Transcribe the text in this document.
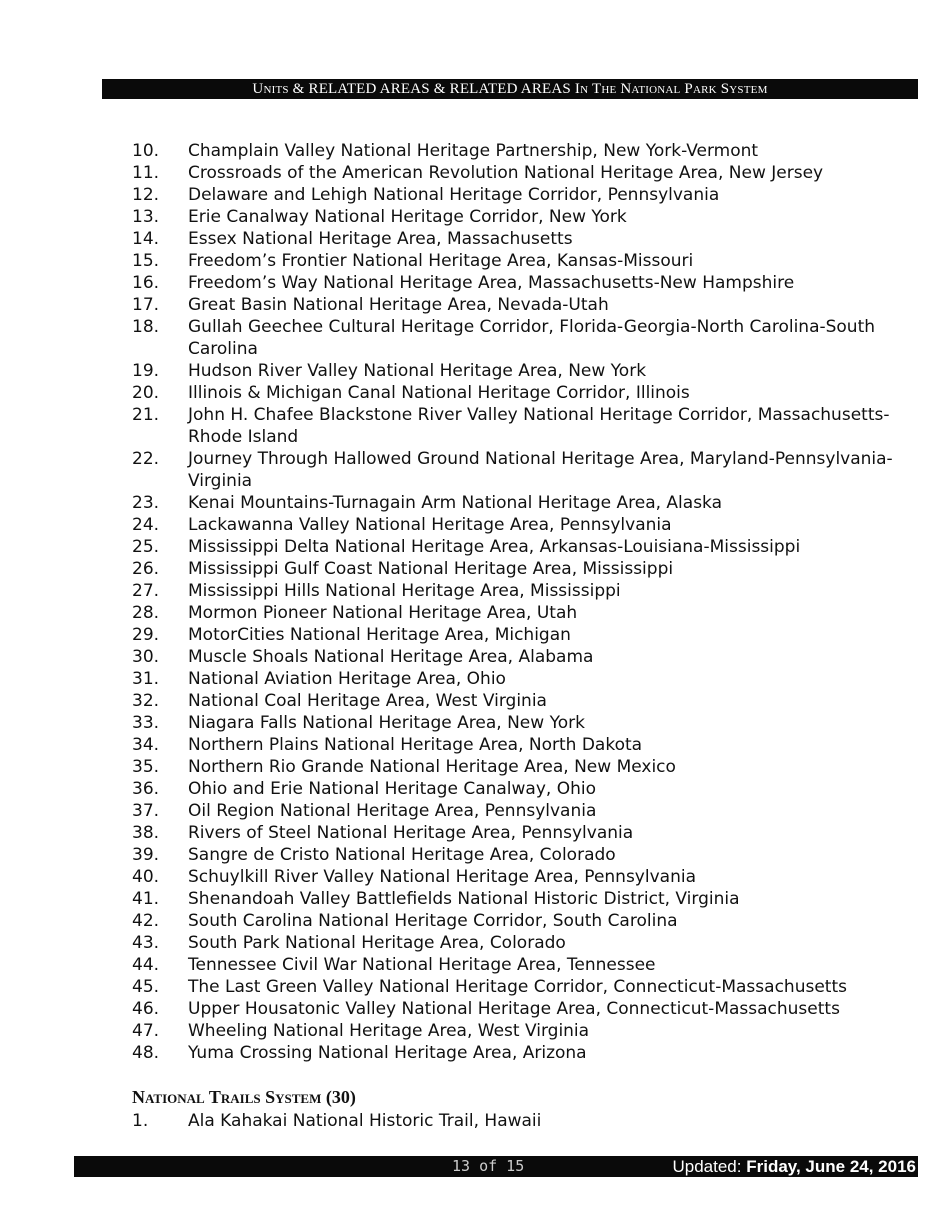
Units & RELATED AREAS & RELATED AREAS In The National Park System
10.	Champlain Valley National Heritage Partnership, New York-Vermont
11.	Crossroads of the American Revolution National Heritage Area, New Jersey
12.	Delaware and Lehigh National Heritage Corridor, Pennsylvania
13.	Erie Canalway National Heritage Corridor, New York
14.	Essex National Heritage Area, Massachusetts
15.	Freedom’s Frontier National Heritage Area, Kansas-Missouri
16.	Freedom’s Way National Heritage Area, Massachusetts-New Hampshire
17.	Great Basin National Heritage Area, Nevada-Utah
18.	Gullah Geechee Cultural Heritage Corridor, Florida-Georgia-North Carolina-South Carolina
19.	Hudson River Valley National Heritage Area, New York
20.	Illinois & Michigan Canal National Heritage Corridor, Illinois
21.	John H. Chafee Blackstone River Valley National Heritage Corridor, Massachusetts-Rhode Island
22.	Journey Through Hallowed Ground National Heritage Area, Maryland-Pennsylvania-Virginia
23.	Kenai Mountains-Turnagain Arm National Heritage Area, Alaska
24.	Lackawanna Valley National Heritage Area, Pennsylvania
25.	Mississippi Delta National Heritage Area, Arkansas-Louisiana-Mississippi
26.	Mississippi Gulf Coast National Heritage Area, Mississippi
27.	Mississippi Hills National Heritage Area, Mississippi
28.	Mormon Pioneer National Heritage Area, Utah
29.	MotorCities National Heritage Area, Michigan
30.	Muscle Shoals National Heritage Area, Alabama
31.	National Aviation Heritage Area, Ohio
32.	National Coal Heritage Area, West Virginia
33.	Niagara Falls National Heritage Area, New York
34.	Northern Plains National Heritage Area, North Dakota
35.	Northern Rio Grande National Heritage Area, New Mexico
36.	Ohio and Erie National Heritage Canalway, Ohio
37.	Oil Region National Heritage Area, Pennsylvania
38.	Rivers of Steel National Heritage Area, Pennsylvania
39.	Sangre de Cristo National Heritage Area, Colorado
40.	Schuylkill River Valley National Heritage Area, Pennsylvania
41.	Shenandoah Valley Battlefields National Historic District, Virginia
42.	South Carolina National Heritage Corridor, South Carolina
43.	South Park National Heritage Area, Colorado
44.	Tennessee Civil War National Heritage Area, Tennessee
45.	The Last Green Valley National Heritage Corridor, Connecticut-Massachusetts
46.	Upper Housatonic Valley National Heritage Area, Connecticut-Massachusetts
47.	Wheeling National Heritage Area, West Virginia
48.	Yuma Crossing National Heritage Area, Arizona
National Trails System (30)
1.	Ala Kahakai National Historic Trail, Hawaii
13 of 15	Updated: Friday, June 24, 2016
